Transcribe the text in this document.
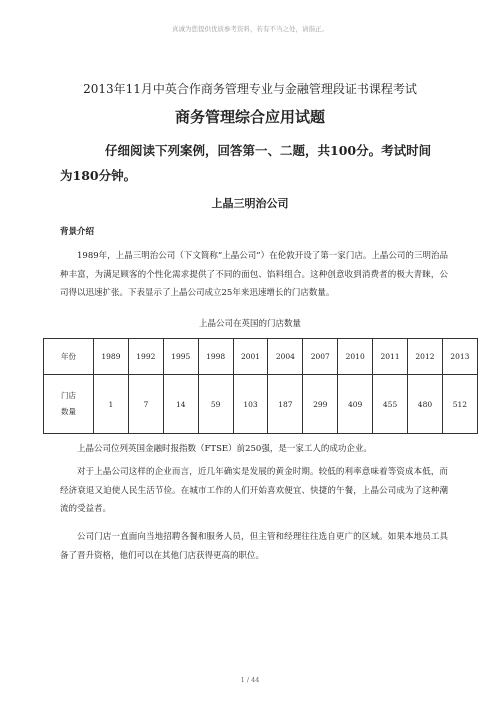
真诚为您提供优质参考资料，若有不当之处，请指正。
2013年11月中英合作商务管理专业与金融管理段证书课程考试
商务管理综合应用试题
仔细阅读下列案例，回答第一、二题，共100分。考试时间为180分钟。
上晶三明治公司
背景介绍

1989年，上晶三明治公司（下文简称“上晶公司”）在伦敦开设了第一家门店。上晶公司的三明治品种丰富，为满足顾客的个性化需求提供了不同的面包、馅料组合。这种创意收到消费者的极大青睐，公司得以迅速扩张。下表显示了上晶公司成立25年来迅速增长的门店数量。

上晶公司在英国的门店数量
年份	1989	1992	1995	1998	2001	2004	2007	2010	2011	2012	2013

门店
数量	1	7	14	59	103	187	299	409	455	480	512

上晶公司位列英国金融时报指数（FTSE）前250强，是一家工人的成功企业。

对于上晶公司这样的企业而言，近几年确实是发展的黄金时期。较低的利率意味着等资成本低，而经济衰退又迫使人民生活节俭。在城市工作的人们开始喜欢便宜、快捷的午餐，上晶公司成为了这种潮流的受益者。

公司门店一直面向当地招聘各餐和服务人员，但主管和经理往往选自更广的区域。如果本地员工具备了晋升资格，他们可以在其他门店获得更高的职位。

1 / 44
